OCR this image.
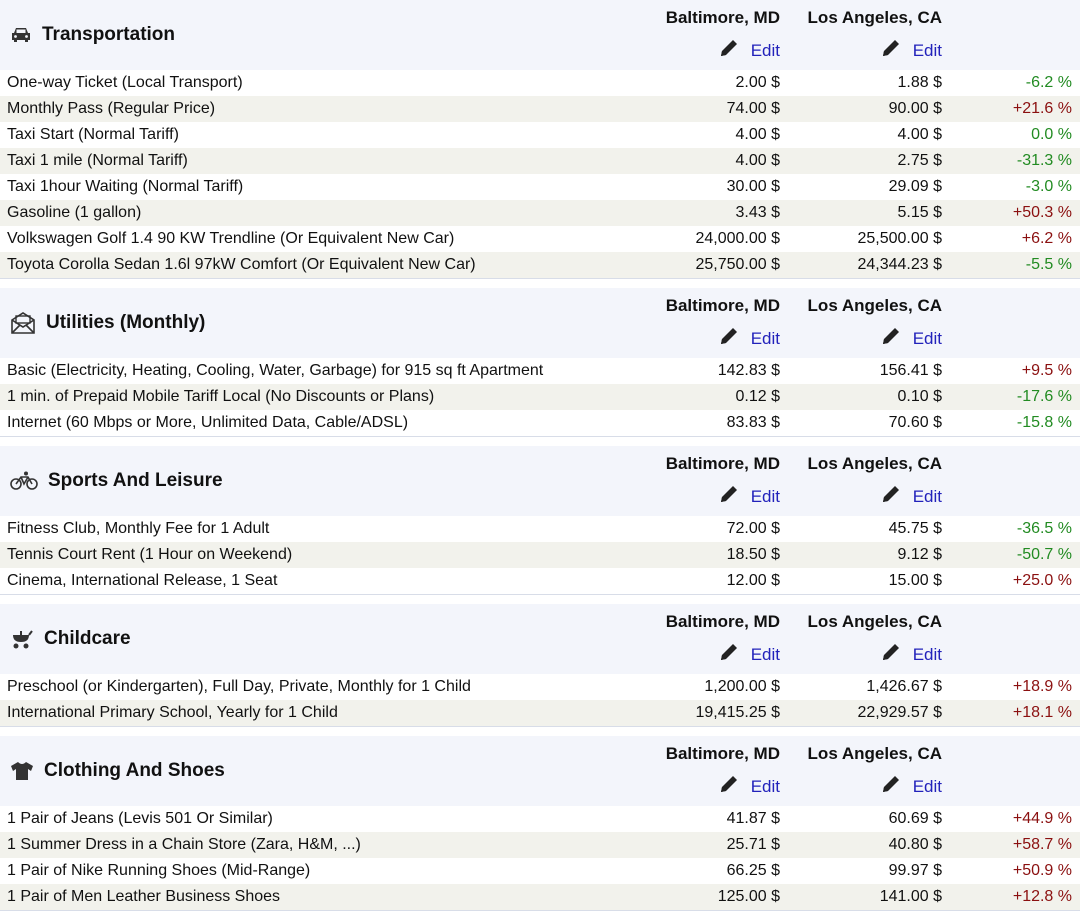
Transportation
Baltimore, MD Los Angeles, CA
Edit	Edit
One-way Ticket (Local Transport)	2.00 $	1.88 $	-6.2 %
Monthly Pass (Regular Price)	74.00 $	90.00 $	+21.6 %
Taxi Start (Normal Tariff)	4.00 $	4.00 $	0.0 %
Taxi 1 mile (Normal Tariff)	4.00 $	2.75 $	-31.3 %
Taxi 1hour Waiting (Normal Tariff)	30.00 $	29.09 $	-3.0 %
Gasoline (1 gallon)	3.43 $	5.15 $	+50.3 %
Volkswagen Golf 1.4 90 KW Trendline (Or Equivalent New Car)	24,000.00 $	25,500.00 $	+6.2 %
Toyota Corolla Sedan 1.6l 97kW Comfort (Or Equivalent New Car)	25,750.00 $	24,344.23 $	-5.5 %
Utilities (Monthly)
Baltimore, MD Los Angeles, CA
Edit	Edit
Basic (Electricity, Heating, Cooling, Water, Garbage) for 915 sq ft Apartment	142.83 $	156.41 $	+9.5 %
1 min. of Prepaid Mobile Tariff Local (No Discounts or Plans)	0.12 $	0.10 $	-17.6 %
Internet (60 Mbps or More, Unlimited Data, Cable/ADSL)	83.83 $	70.60 $	-15.8 %
Sports And Leisure
Baltimore, MD Los Angeles, CA
Edit	Edit
Fitness Club, Monthly Fee for 1 Adult	72.00 $	45.75 $	-36.5 %
Tennis Court Rent (1 Hour on Weekend)	18.50 $	9.12 $	-50.7 %
Cinema, International Release, 1 Seat	12.00 $	15.00 $	+25.0 %
Childcare
Baltimore, MD Los Angeles, CA
Edit	Edit
Preschool (or Kindergarten), Full Day, Private, Monthly for 1 Child	1,200.00 $	1,426.67 $	+18.9 %
International Primary School, Yearly for 1 Child	19,415.25 $	22,929.57 $	+18.1 %
Clothing And Shoes
Baltimore, MD Los Angeles, CA
Edit	Edit
1 Pair of Jeans (Levis 501 Or Similar)	41.87 $	60.69 $	+44.9 %
1 Summer Dress in a Chain Store (Zara, H&M, ...)	25.71 $	40.80 $	+58.7 %
1 Pair of Nike Running Shoes (Mid-Range)	66.25 $	99.97 $	+50.9 %
1 Pair of Men Leather Business Shoes	125.00 $	141.00 $	+12.8 %
